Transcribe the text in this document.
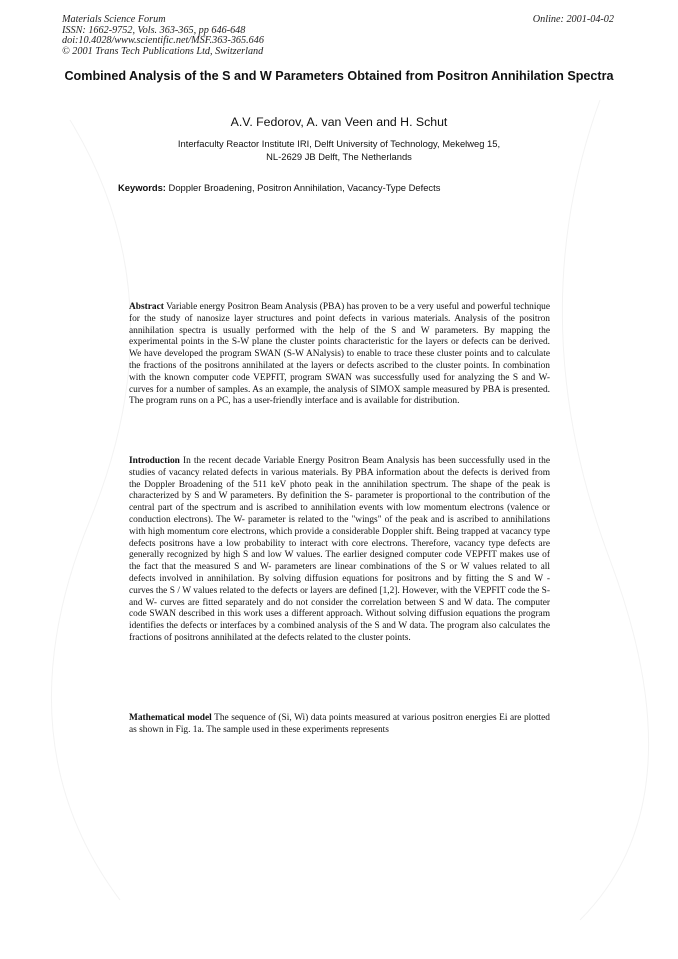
Materials Science Forum
ISSN: 1662-9752, Vols. 363-365, pp 646-648
doi:10.4028/www.scientific.net/MSF.363-365.646
© 2001 Trans Tech Publications Ltd, Switzerland
Online: 2001-04-02
Combined Analysis of the S and W Parameters Obtained from Positron Annihilation Spectra
A.V. Fedorov, A. van Veen and H. Schut
Interfaculty Reactor Institute IRI, Delft University of Technology, Mekelweg 15,
NL-2629 JB Delft, The Netherlands
Keywords: Doppler Broadening, Positron Annihilation, Vacancy-Type Defects
Abstract Variable energy Positron Beam Analysis (PBA) has proven to be a very useful and powerful technique for the study of nanosize layer structures and point defects in various materials. Analysis of the positron annihilation spectra is usually performed with the help of the S and W parameters. By mapping the experimental points in the S-W plane the cluster points characteristic for the layers or defects can be derived. We have developed the program SWAN (S-W ANalysis) to enable to trace these cluster points and to calculate the fractions of the positrons annihilated at the layers or defects ascribed to the cluster points. In combination with the known computer code VEPFIT, program SWAN was successfully used for analyzing the S and W- curves for a number of samples. As an example, the analysis of SIMOX sample measured by PBA is presented. The program runs on a PC, has a user-friendly interface and is available for distribution.
Introduction In the recent decade Variable Energy Positron Beam Analysis has been successfully used in the studies of vacancy related defects in various materials. By PBA information about the defects is derived from the Doppler Broadening of the 511 keV photo peak in the annihilation spectrum. The shape of the peak is characterized by S and W parameters. By definition the S- parameter is proportional to the contribution of the central part of the spectrum and is ascribed to annihilation events with low momentum electrons (valence or conduction electrons). The W- parameter is related to the "wings" of the peak and is ascribed to annihilations with high momentum core electrons, which provide a considerable Doppler shift. Being trapped at vacancy type defects positrons have a low probability to interact with core electrons. Therefore, vacancy type defects are generally recognized by high S and low W values. The earlier designed computer code VEPFIT makes use of the fact that the measured S and W- parameters are linear combinations of the S or W values related to all defects involved in annihilation. By solving diffusion equations for positrons and by fitting the S and W - curves the S / W values related to the defects or layers are defined [1,2]. However, with the VEPFIT code the S- and W- curves are fitted separately and do not consider the correlation between S and W data. The computer code SWAN described in this work uses a different approach. Without solving diffusion equations the program identifies the defects or interfaces by a combined analysis of the S and W data. The program also calculates the fractions of positrons annihilated at the defects related to the cluster points.
Mathematical model The sequence of (Si, Wi) data points measured at various positron energies Ei are plotted as shown in Fig. 1a. The sample used in these experiments represents
